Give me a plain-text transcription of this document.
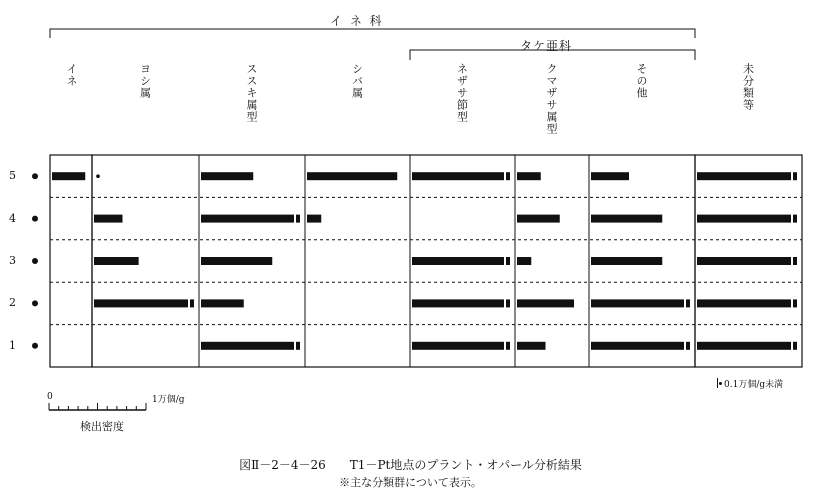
イ ネ 科
タケ亜科
イネ	ヨシ属	ススキ属型	シバ属	ネザサ節型	クマザサ属型	その他	未分類等
5
4
3
2
1
0	1万個/g
検出密度
0.1万個/g未満
図Ⅱ－2－4－26　　T1－Pt地点のプラント・オパール分析結果
※主な分類群について表示。
